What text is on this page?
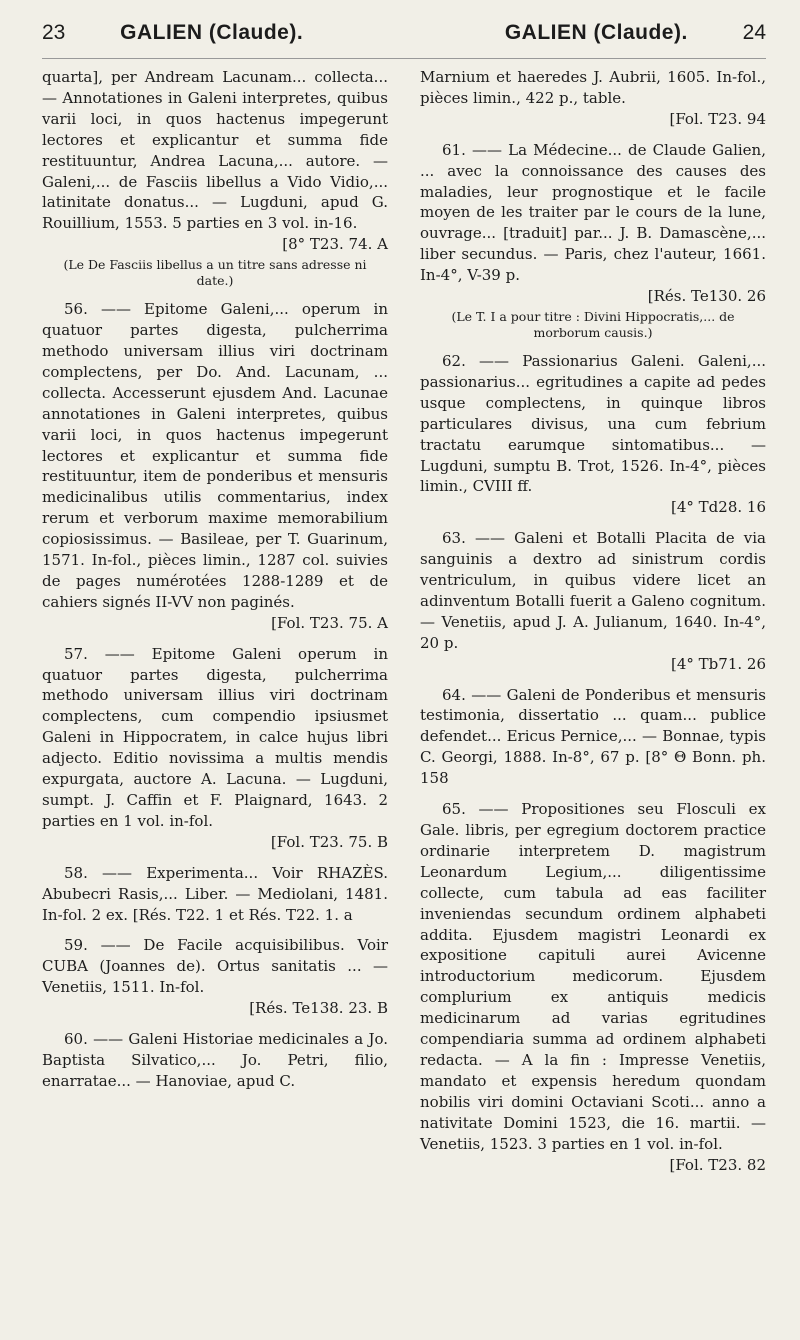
23	GALIEN (Claude).	GALIEN (Claude).	24

quarta], per Andream Lacunam... collecta... — Annotationes in Galeni interpretes, quibus varii loci, in quos hactenus impegerunt lectores et explicantur et summa fide restituuntur, Andrea Lacuna,... autore. — Galeni,... de Fasciis libellus a Vido Vidio,... latinitate donatus... — Lugduni, apud G. Rouillium, 1553. 5 parties en 3 vol. in-16.

[8° T23. 74. A
(Le De Fasciis libellus a un titre sans adresse ni date.)

56. —— Epitome Galeni,... operum in quatuor partes digesta, pulcherrima methodo universam illius viri doctrinam complectens, per Do. And. Lacunam, ... collecta. Accesserunt ejusdem And. Lacunae annotationes in Galeni interpretes, quibus varii loci, in quos hactenus impegerunt lectores et explicantur et summa fide restituuntur, item de ponderibus et mensuris medicinalibus utilis commentarius, index rerum et verborum maxime memorabilium copiosissimus. — Basileae, per T. Guarinum, 1571. In-fol., pièces limin., 1287 col. suivies de pages numérotées 1288-1289 et de cahiers signés II-VV non paginés.

[Fol. T23. 75. A

57. —— Epitome Galeni operum in quatuor partes digesta, pulcherrima methodo universam illius viri doctrinam complectens, cum compendio ipsiusmet Galeni in Hippocratem, in calce hujus libri adjecto. Editio novissima a multis mendis expurgata, auctore A. Lacuna. — Lugduni, sumpt. J. Caffin et F. Plaignard, 1643. 2 parties en 1 vol. in-fol.

[Fol. T23. 75. B

58. —— Experimenta... Voir RHAZÈS. Abubecri Rasis,... Liber. — Mediolani, 1481. In-fol. 2 ex. [Rés. T22. 1 et Rés. T22. 1. a

59. —— De Facile acquisibilibus. Voir CUBA (Joannes de). Ortus sanitatis ... — Venetiis, 1511. In-fol.

[Rés. Te138. 23. B

60. —— Galeni Historiae medicinales a Jo. Baptista Silvatico,... Jo. Petri, filio, enarratae... — Hanoviae, apud C.

Marnium et haeredes J. Aubrii, 1605. In-fol., pièces limin., 422 p., table.

[Fol. T23. 94

61. —— La Médecine... de Claude Galien, ... avec la connoissance des causes des maladies, leur prognostique et le facile moyen de les traiter par le cours de la lune, ouvrage... [traduit] par... J. B. Damascène,... liber secundus. — Paris, chez l'auteur, 1661. In-4°, V-39 p.

[Rés. Te130. 26
(Le T. I a pour titre : Divini Hippocratis,... de morborum causis.)

62. —— Passionarius Galeni. Galeni,... passionarius... egritudines a capite ad pedes usque complectens, in quinque libros particulares divisus, una cum febrium tractatu earumque sintomatibus... — Lugduni, sumptu B. Trot, 1526. In-4°, pièces limin., CVIII ff.

[4° Td28. 16

63. —— Galeni et Botalli Placita de via sanguinis a dextro ad sinistrum cordis ventriculum, in quibus videre licet an adinventum Botalli fuerit a Galeno cognitum. — Venetiis, apud J. A. Julianum, 1640. In-4°, 20 p.

[4° Tb71. 26

64. —— Galeni de Ponderibus et mensuris testimonia, dissertatio ... quam... publice defendet... Ericus Pernice,... — Bonnae, typis C. Georgi, 1888. In-8°, 67 p. [8° Θ Bonn. ph. 158

65. —— Propositiones seu Flosculi ex Gale. libris, per egregium doctorem practice ordinarie interpretem D. magistrum Leonardum Legium,... diligentissime collecte, cum tabula ad eas faciliter inveniendas secundum ordinem alphabeti addita. Ejusdem magistri Leonardi ex expositione capituli aurei Avicenne introductorium medicorum. Ejusdem complurium ex antiquis medicis medicinarum ad varias egritudines compendiaria summa ad ordinem alphabeti redacta. — A la fin : Impresse Venetiis, mandato et expensis heredum quondam nobilis viri domini Octaviani Scoti... anno a nativitate Domini 1523, die 16. martii. — Venetiis, 1523. 3 parties en 1 vol. in-fol.

[Fol. T23. 82
